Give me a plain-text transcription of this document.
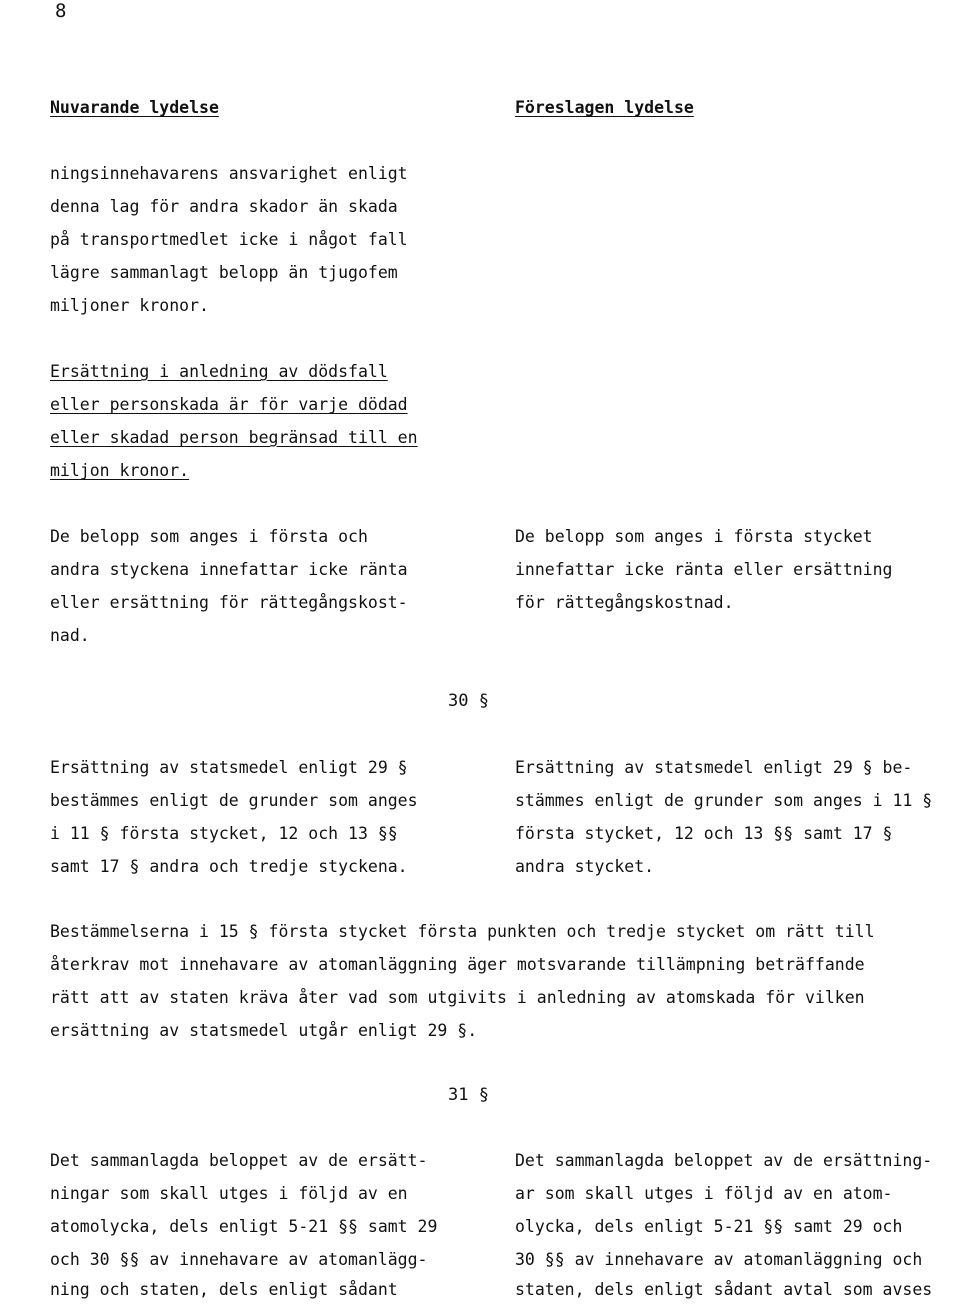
8
Nuvarande lydelse	Föreslagen lydelse
ningsinnehavarens ansvarighet enligt
denna lag för andra skador än skada
på transportmedlet icke i något fall
lägre sammanlagt belopp än tjugofem
miljoner kronor.
Ersättning i anledning av dödsfall
eller personskada är för varje dödad
eller skadad person begränsad till en
miljon kronor.
De belopp som anges i första och
andra styckena innefattar icke ränta
eller ersättning för rättegångskost-
nad.
De belopp som anges i första stycket
innefattar icke ränta eller ersättning
för rättegångskostnad.
30 §
Ersättning av statsmedel enligt 29 §
bestämmes enligt de grunder som anges
i 11 § första stycket, 12 och 13 §§
samt 17 § andra och tredje styckena.
Ersättning av statsmedel enligt 29 § be-
stämmes enligt de grunder som anges i 11 §
första stycket, 12 och 13 §§ samt 17 §
andra stycket.
Bestämmelserna i 15 § första stycket första punkten och tredje stycket om rätt till
återkrav mot innehavare av atomanläggning äger motsvarande tillämpning beträffande
rätt att av staten kräva åter vad som utgivits i anledning av atomskada för vilken
ersättning av statsmedel utgår enligt 29 §.
31 §
Det sammanlagda beloppet av de ersätt-
ningar som skall utges i följd av en
atomolycka, dels enligt 5-21 §§ samt 29
och 30 §§ av innehavare av atomanlägg-
ning och staten, dels enligt sådant
Det sammanlagda beloppet av de ersättning-
ar som skall utges i följd av en atom-
olycka, dels enligt 5-21 §§ samt 29 och
30 §§ av innehavare av atomanläggning och
staten, dels enligt sådant avtal som avses
